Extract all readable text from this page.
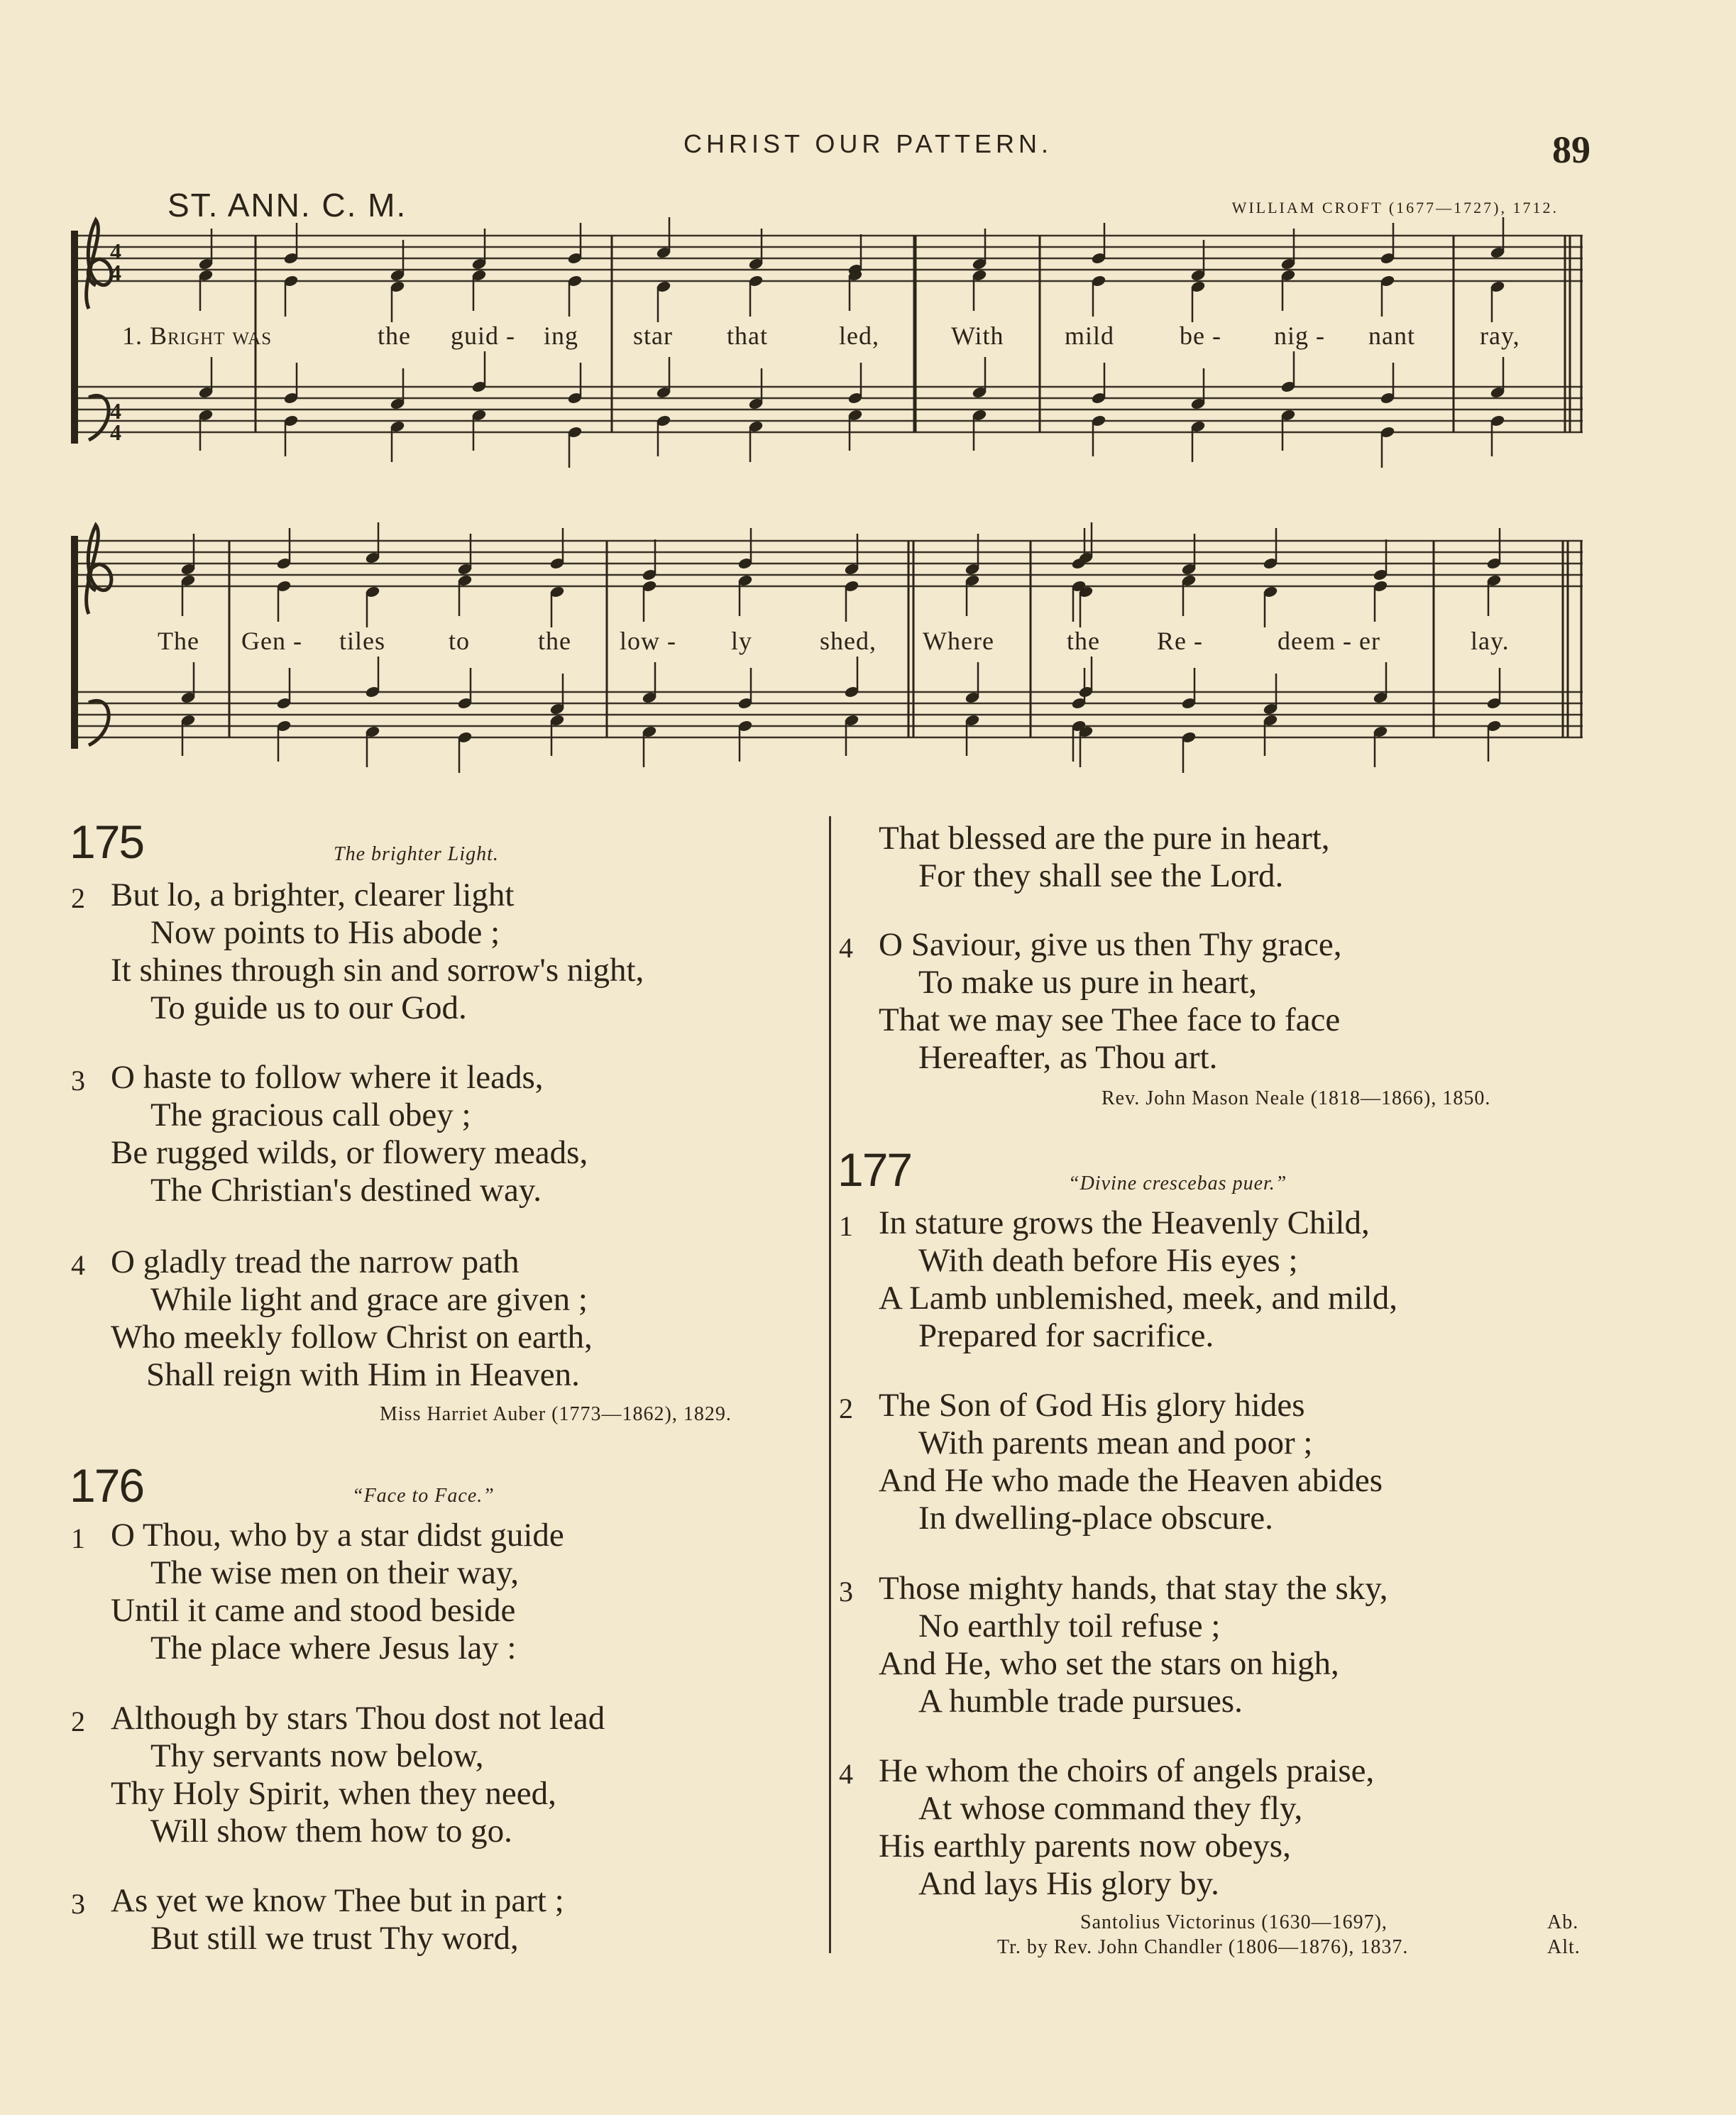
CHRIST OUR PATTERN.	89
ST. ANN. C. M.	WILLIAM CROFT (1677—1727), 1712.
4
4
4
4
1. Bright was	the guid - ing star that	led,	With mild	be - nig - nant	ray,
The Gen - tiles to	the low - ly	shed, Where	the Re -	deem - er	lay.
175	The brighter Light.
2 But lo, a brighter, clearer light
Now points to His abode ;
It shines through sin and sorrow's night,
To guide us to our God.
3 O haste to follow where it leads,
The gracious call obey ;
Be rugged wilds, or flowery meads,
The Christian's destined way.
4 O gladly tread the narrow path
While light and grace are given ;
Who meekly follow Christ on earth,
Shall reign with Him in Heaven.
Miss Harriet Auber (1773—1862), 1829.
176	“Face to Face.”
1 O Thou, who by a star didst guide
The wise men on their way,
Until it came and stood beside
The place where Jesus lay :
2 Although by stars Thou dost not lead
Thy servants now below,
Thy Holy Spirit, when they need,
Will show them how to go.
3 As yet we know Thee but in part ;
But still we trust Thy word,
That blessed are the pure in heart,
For they shall see the Lord.
4 O Saviour, give us then Thy grace,
To make us pure in heart,
That we may see Thee face to face
Hereafter, as Thou art.
Rev. John Mason Neale (1818—1866), 1850.
177	“Divine crescebas puer.”
1 In stature grows the Heavenly Child,
With death before His eyes ;
A Lamb unblemished, meek, and mild,
Prepared for sacrifice.
2 The Son of God His glory hides
With parents mean and poor ;
And He who made the Heaven abides
In dwelling-place obscure.
3 Those mighty hands, that stay the sky,
No earthly toil refuse ;
And He, who set the stars on high,
A humble trade pursues.
4 He whom the choirs of angels praise,
At whose command they fly,
His earthly parents now obeys,
And lays His glory by.
Santolius Victorinus (1630—1697),	Ab.
Tr. by Rev. John Chandler (1806—1876), 1837.	Alt.
